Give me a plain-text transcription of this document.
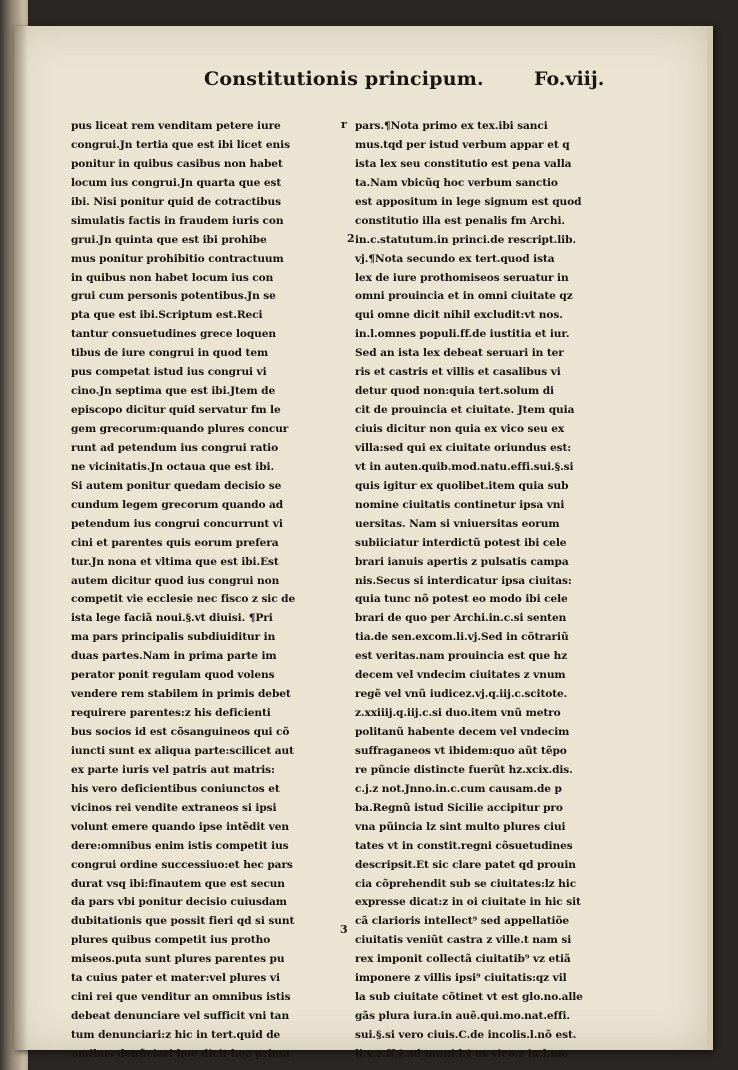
Constitutionis principum.	Fo.viij.
r
2
3
pus liceat rem venditam petere iure
congrui.Jn tertia que est ibi licet enis
ponitur in quibus casibus non habet
locum ius congrui.Jn quarta que est
ibi. Nisi ponitur quid de cotractibus
simulatis factis in fraudem iuris con
grui.Jn quinta que est ibi prohibe
mus ponitur prohibitio contractuum
in quibus non habet locum ius con
grui cum personis potentibus.Jn se
pta que est ibi.Scriptum est.Reci
tantur consuetudines grece loquen
tibus de iure congrui in quod tem
pus competat istud ius congrui vi
cino.Jn septima que est ibi.Jtem de
episcopo dicitur quid servatur fm le
gem grecorum:quando plures concur
runt ad petendum ius congrui ratio
ne vicinitatis.Jn octaua que est ibi.
Si autem ponitur quedam decisio se
cundum legem grecorum quando ad
petendum ius congrui concurrunt vi
cini et parentes quis eorum prefera
tur.Jn nona et vltima que est ibi.Est
autem dicitur quod ius congrui non
competit vie ecclesie nec fisco z sic de
ista lege faciã noui.§.vt diuisi. ¶Pri
ma pars principalis subdiuiditur in
duas partes.Nam in prima parte im
perator ponit regulam quod volens
vendere rem stabilem in primis debet
requirere parentes:z his deficienti
bus socios id est cõsanguineos qui cõ
iuncti sunt ex aliqua parte:scilicet aut
ex parte iuris vel patris aut matris:
his vero deficientibus coniunctos et
vicinos rei vendite extraneos si ipsi
volunt emere quando ipse intẽdit ven
dere:omnibus enim istis competit ius
congrui ordine successiuo:et hec pars
durat vsq ibi:finautem que est secun
da pars vbi ponitur decisio cuiusdam
dubitationis que possit fieri qd si sunt
plures quibus competit ius protho
miseos.puta sunt plures parentes pu
ta cuius pater et mater:vel plures vi
cini rei que venditur an omnibus istis
debeat denunciare vel sufficit vni tan
tum denunciari:z hic in tert.quid de
omibus denũciari hoc dicit hec prima
pars.¶Nota primo ex tex.ibi sanci
mus.tqd per istud verbum appar et q
ista lex seu constitutio est pena valla
ta.Nam vbicũq hoc verbum sanctio
est appositum in lege signum est quod
constitutio illa est penalis fm Archi.
in.c.statutum.in princi.de rescript.lib.
vj.¶Nota secundo ex tert.quod ista
lex de iure prothomiseos seruatur in
omni prouincia et in omni ciuitate qz
qui omne dicit nihil excludit:vt nos.
in.l.omnes populi.ff.de iustitia et iur.
Sed an ista lex debeat seruari in ter
ris et castris et villis et casalibus vi
detur quod non:quia tert.solum di
cit de prouincia et ciuitate. Jtem quia
ciuis dicitur non quia ex vico seu ex
villa:sed qui ex ciuitate oriundus est:
vt in auten.quib.mod.natu.effi.sui.§.si
quis igitur ex quolibet.item quia sub
nomine ciuitatis continetur ipsa vni
uersitas. Nam si vniuersitas eorum
subiiciatur interdictũ potest ibi cele
brari ianuis apertis z pulsatis campa
nis.Secus si interdicatur ipsa ciuitas:
quia tunc nõ potest eo modo ibi cele
brari de quo per Archi.in.c.si senten
tia.de sen.excom.li.vj.Sed in cõtrariũ
est veritas.nam prouincia est que hz
decem vel vndecim ciuitates z vnum
regẽ vel vnũ iudicez.vj.q.iij.c.scitote.
z.xxiiij.q.iij.c.si duo.item vnũ metro
politanũ habente decem vel vndecim
suffraganeos vt ibidem:quo aũt tẽpo
re pũncie distincte fuerũt hz.xcix.dis.
c.j.z not.Jnno.in.c.cum causam.de p
ba.Regnũ istud Sicilie accipitur pro
vna pũincia lz sint multo plures ciui
tates vt in constit.regni cõsuetudines
descripsit.Et sic clare patet qd prouin
cia cõprehendit sub se ciuitates:lz hic
expresse dicat:z in oi ciuitate in hic sit
cã clarioris intellect⁹ sed appellatiõe
ciuitatis veniũt castra z ville.t nam si
rex imponit collectã ciuitatib⁹ vz etiã
imponere z villis ipsi⁹ ciuitatis:qz vil
la sub ciuitate cõtinet vt est glo.no.alle
gãs plura iura.in auẽ.qui.mo.nat.effi.
sui.§.si vero ciuis.C.de incolis.l.nõ est.
li.x.z.ff.§.ad muni.l.§ ex vico.z in.l.me
